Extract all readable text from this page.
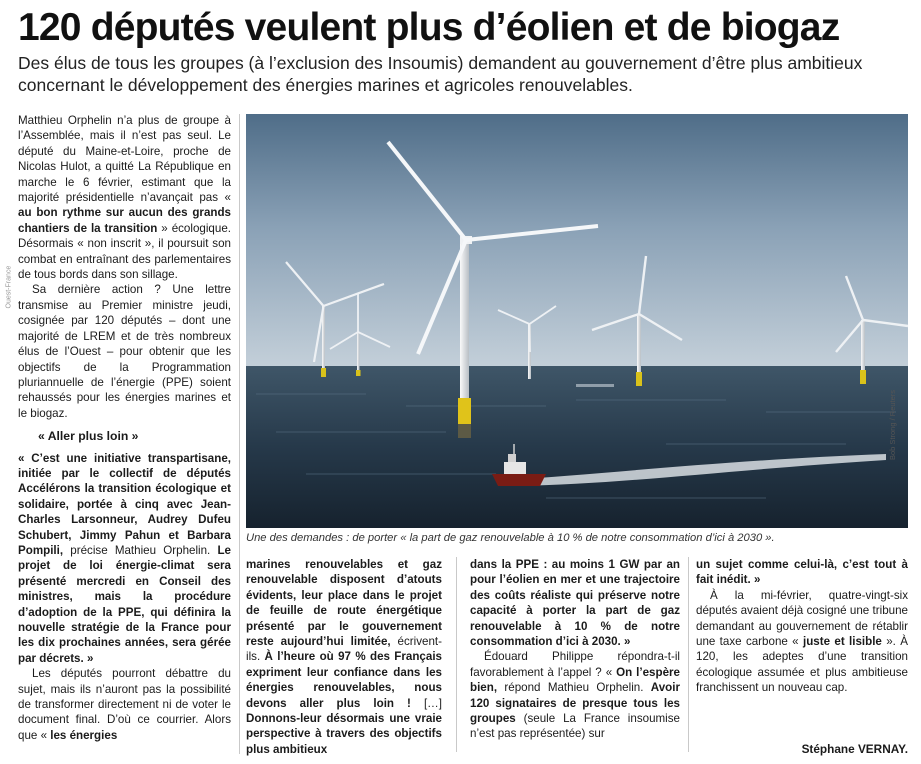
120 députés veulent plus d’éolien et de biogaz

Des élus de tous les groupes (à l’exclusion des Insoumis) demandent au gouvernement d’être plus ambitieux concernant le développement des énergies marines et agricoles renouvelables.

Ouest-France

Matthieu Orphelin n’a plus de groupe à l’Assemblée, mais il n’est pas seul. Le député du Maine-et-Loire, proche de Nicolas Hulot, a quitté La République en marche le 6 février, estimant que la majorité présidentielle n’avançait pas « au bon rythme sur aucun des grands chantiers de la transition » écologique. Désormais « non inscrit », il poursuit son combat en entraînant des parlementaires de tous bords dans son sillage.

Sa dernière action ? Une lettre transmise au Premier ministre jeudi, cosignée par 120 députés – dont une majorité de LREM et de très nombreux élus de l’Ouest – pour obtenir que les objectifs de la Programmation pluriannuelle de l’énergie (PPE) soient rehaussés pour les énergies marines et le biogaz.

« Aller plus loin »

« C’est une initiative transpartisane, initiée par le collectif de députés Accélérons la transition écologique et solidaire, portée à cinq avec Jean-Charles Larsonneur, Audrey Dufeu Schubert, Jimmy Pahun et Barbara Pompili, précise Mathieu Orphelin. Le projet de loi énergie-climat sera présenté mercredi en Conseil des ministres, mais la procédure d’adoption de la PPE, qui définira la nouvelle stratégie de la France pour les dix prochaines années, sera gérée par décrets. »

Les députés pourront débattre du sujet, mais ils n’auront pas la possibilité de transformer directement ni de voter le document final. D’où ce courrier. Alors que « les énergies

Bob Strong / Reuters
Une des demandes : de porter « la part de gaz renouvelable à 10 % de notre consommation d’ici à 2030 ».

marines renouvelables et gaz renouvelable disposent d’atouts évidents, leur place dans le projet de feuille de route énergétique présenté par le gouvernement reste aujourd’hui limitée, écrivent-ils. À l’heure où 97 % des Français expriment leur confiance dans les énergies renouvelables, nous devons aller plus loin ! […] Donnons-leur désormais une vraie perspective à travers des objectifs plus ambitieux

dans la PPE : au moins 1 GW par an pour l’éolien en mer et une trajectoire des coûts réaliste qui préserve notre capacité à porter la part de gaz renouvelable à 10 % de notre consommation d’ici à 2030. »

Édouard Philippe répondra-t-il favorablement à l’appel ? « On l’espère bien, répond Mathieu Orphelin. Avoir 120 signataires de presque tous les groupes (seule La France insoumise n’est pas représentée) sur

un sujet comme celui-là, c’est tout à fait inédit. »

À la mi-février, quatre-vingt-six députés avaient déjà cosigné une tribune demandant au gouvernement de rétablir une taxe carbone « juste et lisible ». À 120, les adeptes d’une transition écologique assumée et plus ambitieuse franchissent un nouveau cap.

Stéphane VERNAY.
